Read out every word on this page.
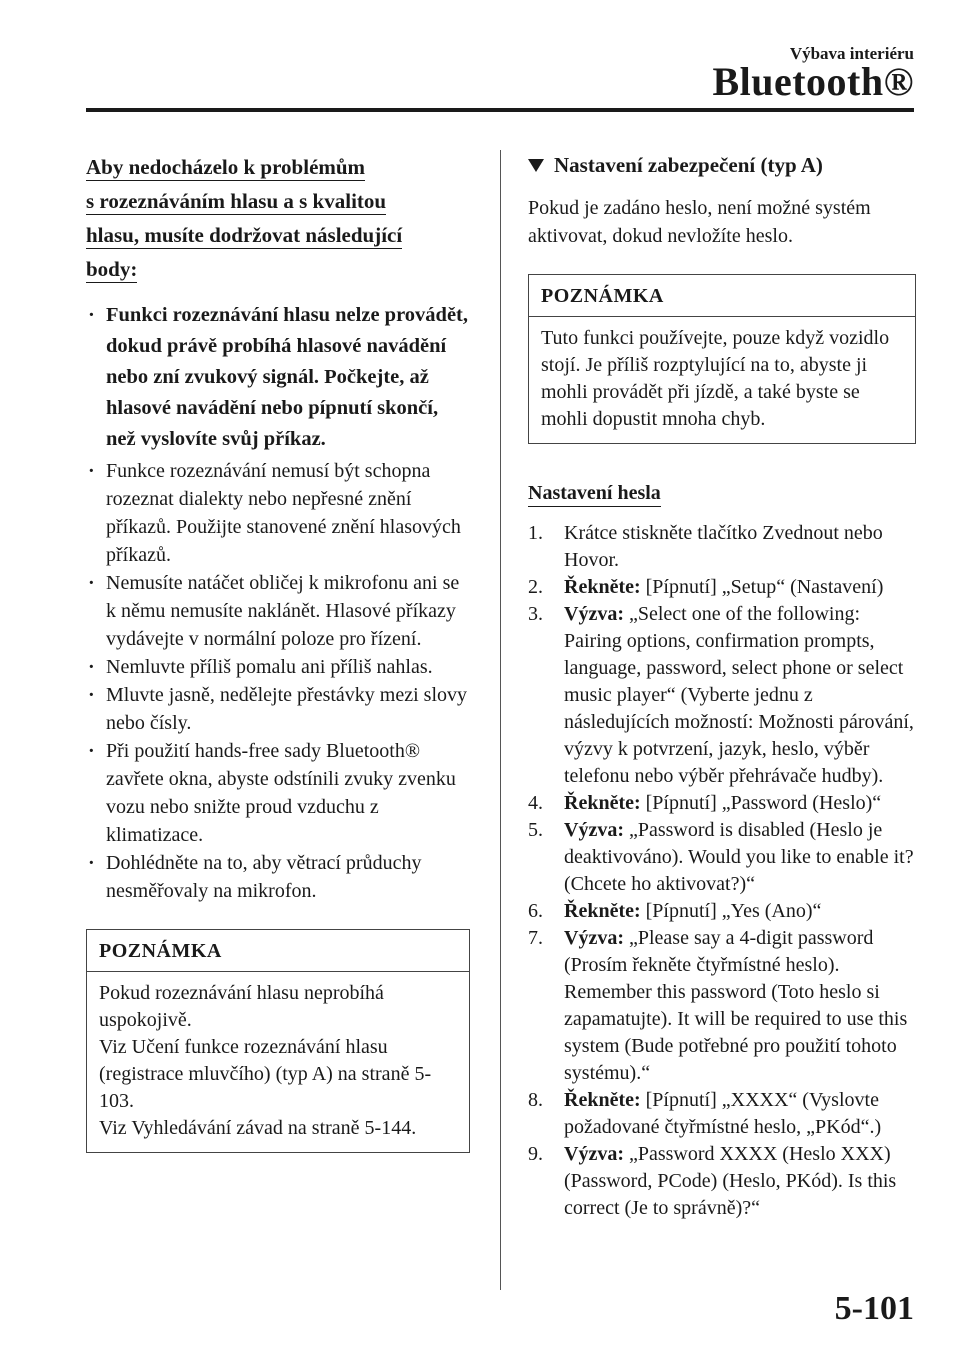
Výbava interiéru
Bluetooth®
Aby nedocházelo k problémům
s rozeznáváním hlasu a s kvalitou
hlasu, musíte dodržovat následující
body:
· Funkci rozeznávání hlasu nelze provádět, dokud právě probíhá hlasové navádění nebo zní zvukový signál. Počkejte, až hlasové navádění nebo pípnutí skončí, než vyslovíte svůj příkaz.
· Funkce rozeznávání nemusí být schopna rozeznat dialekty nebo nepřesné znění příkazů. Použijte stanovené znění hlasových příkazů.
· Nemusíte natáčet obličej k mikrofonu ani se k němu nemusíte naklánět. Hlasové příkazy vydávejte v normální poloze pro řízení.
· Nemluvte příliš pomalu ani příliš nahlas.
· Mluvte jasně, nedělejte přestávky mezi slovy nebo čísly.
· Při použití hands-free sady Bluetooth® zavřete okna, abyste odstínili zvuky zvenku vozu nebo snižte proud vzduchu z klimatizace.
· Dohlédněte na to, aby větrací průduchy nesměřovaly na mikrofon.
POZNÁMKA

Pokud rozeznávání hlasu neprobíhá uspokojivě.

Viz Učení funkce rozeznávání hlasu (registrace mluvčího) (typ A) na straně 5-103.

Viz Vyhledávání závad na straně 5-144.

Nastavení zabezpečení (typ A)

Pokud je zadáno heslo, není možné systém aktivovat, dokud nevložíte heslo.

POZNÁMKA
Tuto funkci používejte, pouze když vozidlo stojí. Je příliš rozptylující na to, abyste ji mohli provádět při jízdě, a také byste se mohli dopustit mnoha chyb.
Nastavení hesla
1. Krátce stiskněte tlačítko Zvednout nebo Hovor.
2. Řekněte: [Pípnutí] „Setup“ (Nastavení)
3. Výzva: „Select one of the following: Pairing options, confirmation prompts, language, password, select phone or select music player“ (Vyberte jednu z následujících možností: Možnosti párování, výzvy k potvrzení, jazyk, heslo, výběr telefonu nebo výběr přehrávače hudby).
4. Řekněte: [Pípnutí] „Password (Heslo)“
5. Výzva: „Password is disabled (Heslo je deaktivováno). Would you like to enable it? (Chcete ho aktivovat?)“
6. Řekněte: [Pípnutí] „Yes (Ano)“
7. Výzva: „Please say a 4-digit password (Prosím řekněte čtyřmístné heslo). Remember this password (Toto heslo si zapamatujte). It will be required to use this system (Bude potřebné pro použití tohoto systému).“
8. Řekněte: [Pípnutí] „XXXX“ (Vyslovte požadované čtyřmístné heslo, „PKód“.)
9. Výzva: „Password XXXX (Heslo XXX) (Password, PCode) (Heslo, PKód). Is this correct (Je to správně)?“
5-101
